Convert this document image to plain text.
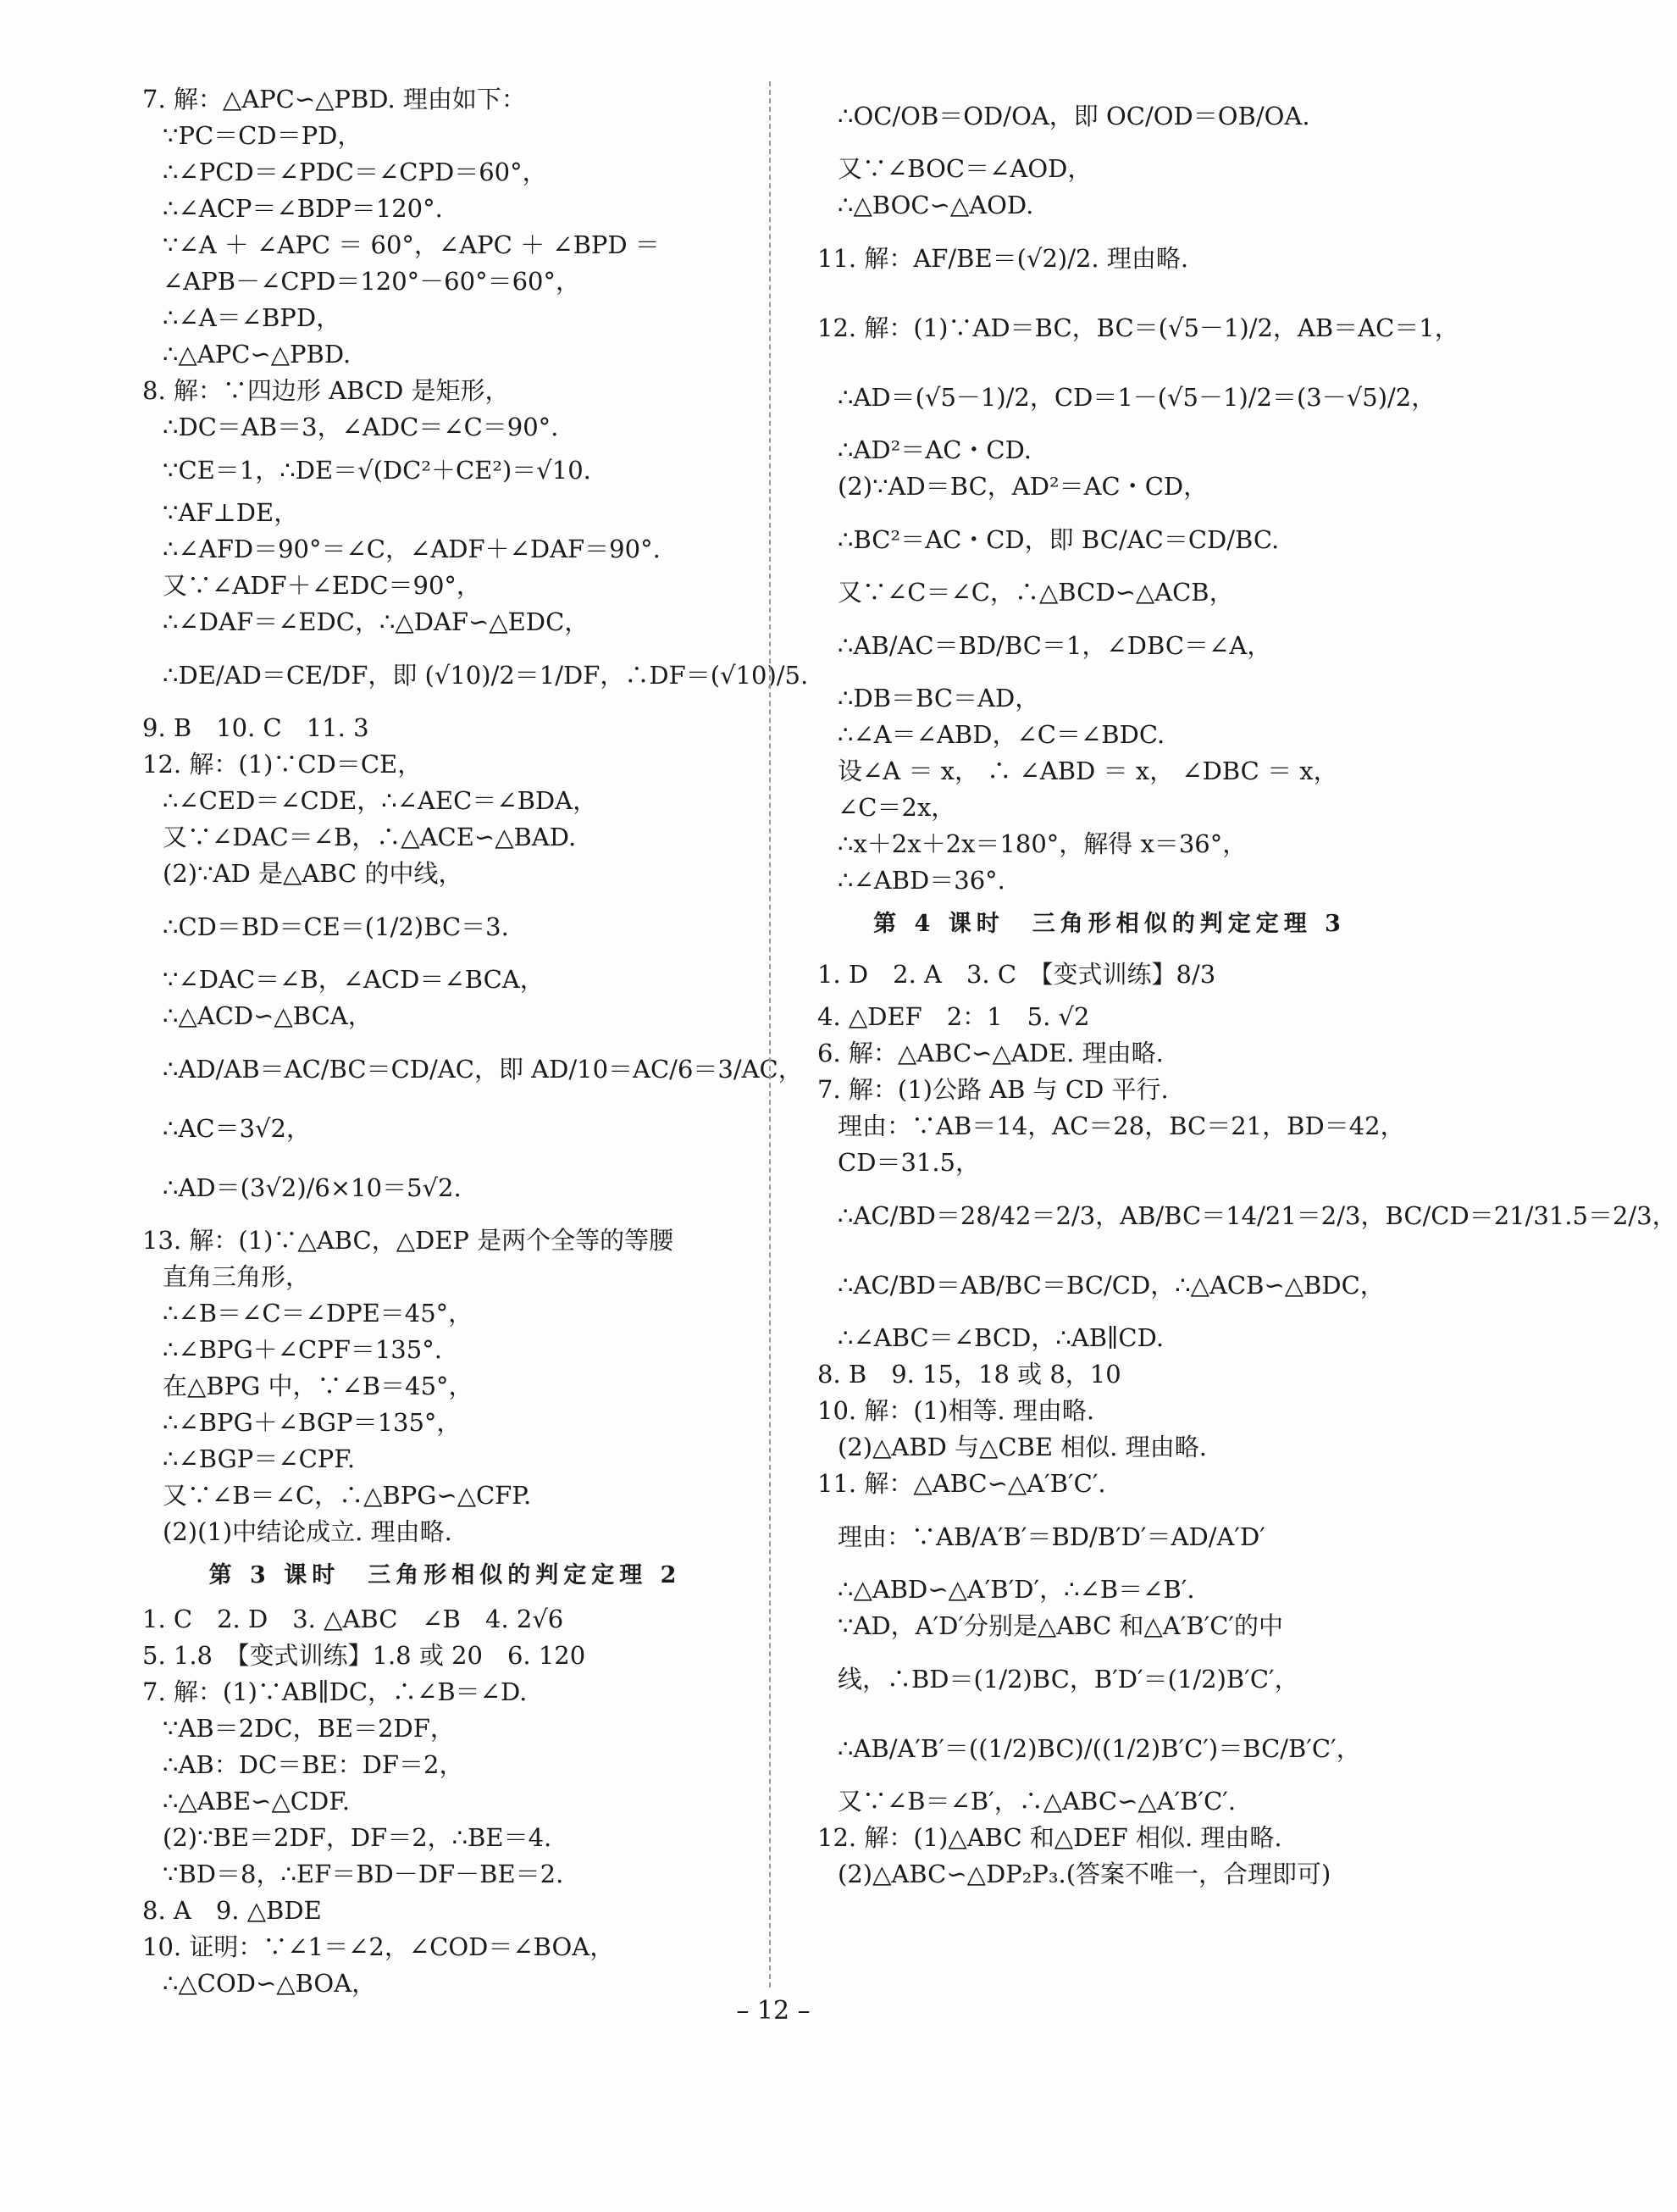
7. 解：△APC∽△PBD. 理由如下：
∵PC＝CD＝PD，
∴∠PCD＝∠PDC＝∠CPD＝60°，
∴∠ACP＝∠BDP＝120°.
∵∠A ＋ ∠APC ＝ 60°，∠APC ＋ ∠BPD ＝
∠APB－∠CPD＝120°－60°＝60°，
∴∠A＝∠BPD，
∴△APC∽△PBD.
8. 解：∵四边形 ABCD 是矩形，
∴DC＝AB＝3，∠ADC＝∠C＝90°.
∵CE＝1，∴DE＝√(DC²＋CE²)＝√10.
∵AF⊥DE，
∴∠AFD＝90°＝∠C，∠ADF＋∠DAF＝90°.
又∵∠ADF＋∠EDC＝90°，
∴∠DAF＝∠EDC，∴△DAF∽△EDC，
∴DE/AD＝CE/DF，即 (√10)/2＝1/DF，∴DF＝(√10)/5.
9. B　10. C　11. 3
12. 解：(1)∵CD＝CE，
∴∠CED＝∠CDE，∴∠AEC＝∠BDA，
又∵∠DAC＝∠B，∴△ACE∽△BAD.
(2)∵AD 是△ABC 的中线，
∴CD＝BD＝CE＝(1/2)BC＝3.
∵∠DAC＝∠B，∠ACD＝∠BCA，
∴△ACD∽△BCA，
∴AD/AB＝AC/BC＝CD/AC，即 AD/10＝AC/6＝3/AC，
∴AC＝3√2，
∴AD＝(3√2)/6×10＝5√2.
13. 解：(1)∵△ABC，△DEP 是两个全等的等腰
直角三角形，
∴∠B＝∠C＝∠DPE＝45°，
∴∠BPG＋∠CPF＝135°.
在△BPG 中，∵∠B＝45°，
∴∠BPG＋∠BGP＝135°，
∴∠BGP＝∠CPF.
又∵∠B＝∠C，∴△BPG∽△CFP.
(2)(1)中结论成立. 理由略.
第 3 课时　三角形相似的判定定理 2
1. C　2. D　3. △ABC　∠B　4. 2√6
5. 1.8　【变式训练】1.8 或 20　6. 120
7. 解：(1)∵AB∥DC，∴∠B＝∠D.
∵AB＝2DC，BE＝2DF，
∴AB：DC＝BE：DF＝2，
∴△ABE∽△CDF.
(2)∵BE＝2DF，DF＝2，∴BE＝4.
∵BD＝8，∴EF＝BD－DF－BE＝2.
8. A　9. △BDE
10. 证明：∵∠1＝∠2，∠COD＝∠BOA，
∴△COD∽△BOA，
∴OC/OB＝OD/OA，即 OC/OD＝OB/OA.
又∵∠BOC＝∠AOD，
∴△BOC∽△AOD.
11. 解：AF/BE＝(√2)/2. 理由略.
12. 解：(1)∵AD＝BC，BC＝(√5－1)/2，AB＝AC＝1，
∴AD＝(√5－1)/2，CD＝1－(√5－1)/2＝(3－√5)/2，
∴AD²＝AC・CD.
(2)∵AD＝BC，AD²＝AC・CD，
∴BC²＝AC・CD，即 BC/AC＝CD/BC.
又∵∠C＝∠C，∴△BCD∽△ACB，
∴AB/AC＝BD/BC＝1，∠DBC＝∠A，
∴DB＝BC＝AD，
∴∠A＝∠ABD，∠C＝∠BDC.
设∠A ＝ x， ∴ ∠ABD ＝ x， ∠DBC ＝ x，
∠C＝2x，
∴x＋2x＋2x＝180°，解得 x＝36°，
∴∠ABD＝36°.
第 4 课时　三角形相似的判定定理 3
1. D　2. A　3. C　【变式训练】8/3
4. △DEF　2：1　5. √2
6. 解：△ABC∽△ADE. 理由略.
7. 解：(1)公路 AB 与 CD 平行.
理由：∵AB＝14，AC＝28，BC＝21，BD＝42，
CD＝31.5，
∴AC/BD＝28/42＝2/3，AB/BC＝14/21＝2/3，BC/CD＝21/31.5＝2/3，
∴AC/BD＝AB/BC＝BC/CD，∴△ACB∽△BDC，
∴∠ABC＝∠BCD，∴AB∥CD.
8. B　9. 15，18 或 8，10
10. 解：(1)相等. 理由略.
(2)△ABD 与△CBE 相似. 理由略.
11. 解：△ABC∽△A′B′C′.
理由：∵AB/A′B′＝BD/B′D′＝AD/A′D′
∴△ABD∽△A′B′D′，∴∠B＝∠B′.
∵AD，A′D′分别是△ABC 和△A′B′C′的中
线，∴BD＝(1/2)BC，B′D′＝(1/2)B′C′，
∴AB/A′B′＝((1/2)BC)/((1/2)B′C′)＝BC/B′C′，
又∵∠B＝∠B′，∴△ABC∽△A′B′C′.
12. 解：(1)△ABC 和△DEF 相似. 理由略.
(2)△ABC∽△DP₂P₃.(答案不唯一，合理即可)
– 12 –
